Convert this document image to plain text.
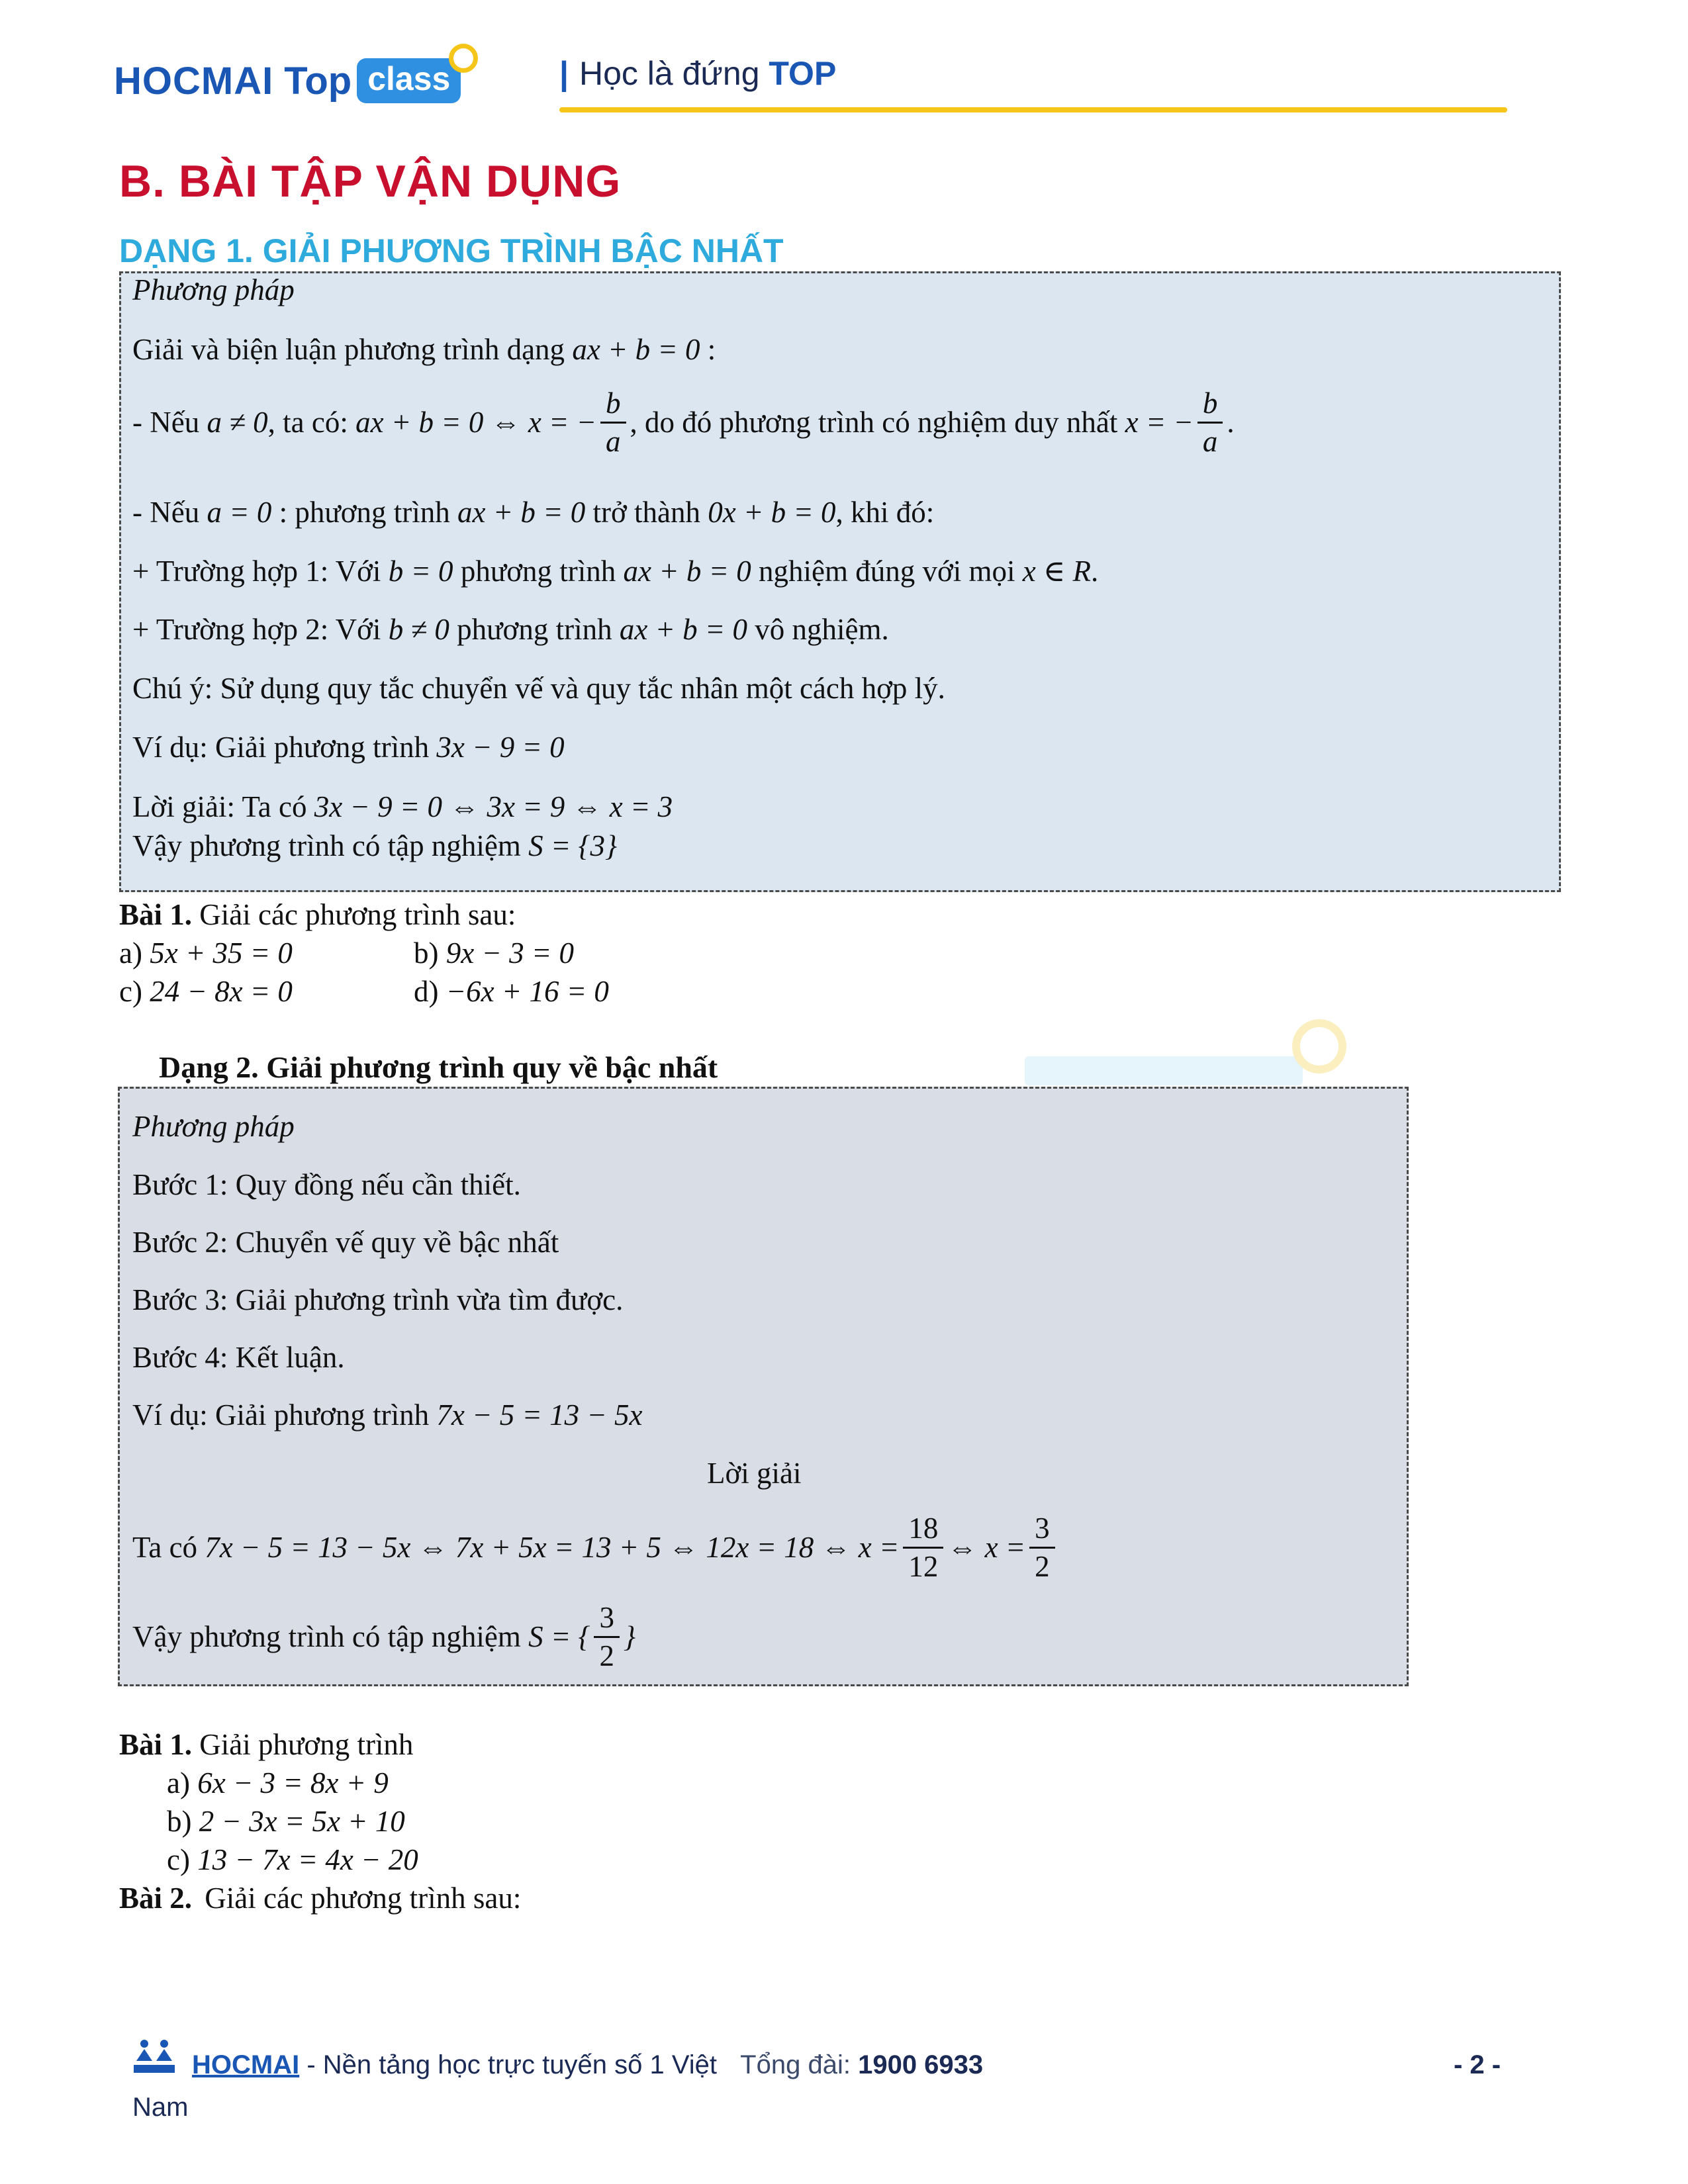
HOCMAI Top class	| Học là đứng TOP
B. BÀI TẬP VẬN DỤNG
DẠNG 1. GIẢI PHƯƠNG TRÌNH BẬC NHẤT
Phương pháp
Giải và biện luận phương trình dạng ax + b = 0 :
- Nếu a ≠ 0, ta có: ax + b = 0 ⇔ x = − $\frac{b}{a}$ , do đó phương trình có nghiệm duy nhất x = − $\frac{b}{a}$ .
- Nếu a = 0 : phương trình ax + b = 0 trở thành 0x + b = 0, khi đó:
+ Trường hợp 1: Với b = 0 phương trình ax + b = 0 nghiệm đúng với mọi x ∈ R.
+ Trường hợp 2: Với b ≠ 0 phương trình ax + b = 0 vô nghiệm.
Chú ý: Sử dụng quy tắc chuyển vế và quy tắc nhân một cách hợp lý.
Ví dụ: Giải phương trình 3x − 9 = 0
Lời giải: Ta có 3x − 9 = 0 ⇔ 3x = 9 ⇔ x = 3
Vậy phương trình có tập nghiệm S = {3}
Bài 1. Giải các phương trình sau:
a) 5x + 35 = 0	b) 9x − 3 = 0
c) 24 − 8x = 0	d) −6x + 16 = 0
Dạng 2. Giải phương trình quy về bậc nhất
Phương pháp
Bước 1: Quy đồng nếu cần thiết.
Bước 2: Chuyển vế quy về bậc nhất
Bước 3: Giải phương trình vừa tìm được.
Bước 4: Kết luận.
Ví dụ: Giải phương trình 7x − 5 = 13 − 5x
Lời giải
Ta có 7x − 5 = 13 − 5x ⇔ 7x + 5x = 13 + 5 ⇔ 12x = 18 ⇔ $x = \frac{18}{12}$ ⇔ $x = \frac{3}{2}$
Vậy phương trình có tập nghiệm S = { $\frac{3}{2}$ }
Bài 1. Giải phương trình
a) 6x − 3 = 8x + 9
b) 2 − 3x = 5x + 10
c) 13 − 7x = 4x − 20
Bài 2. Giải các phương trình sau:
HOCMAI - Nền tảng học trực tuyến số 1 Việt Tổng đài: 1900 6933	- 2 -
Nam
